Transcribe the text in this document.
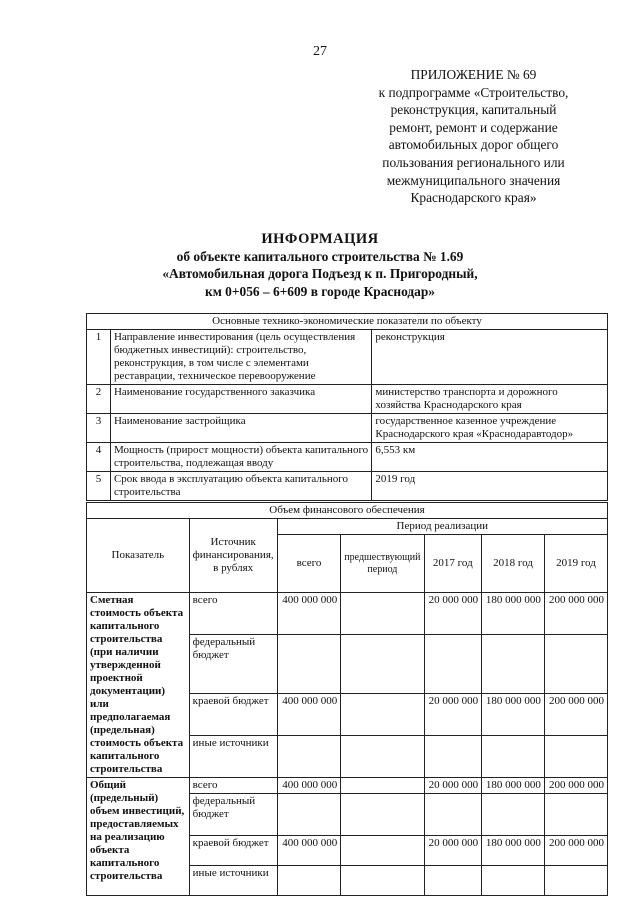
27
ПРИЛОЖЕНИЕ № 69
к подпрограмме «Строительство,
реконструкция, капитальный
ремонт, ремонт и содержание
автомобильных дорог общего
пользования регионального или
межмуниципального значения
Краснодарского края»
ИНФОРМАЦИЯ
об объекте капитального строительства № 1.69
«Автомобильная дорога Подъезд к п. Пригородный,
км 0+056 – 6+609 в городе Краснодар»
Основные технико-экономические показатели по объекту		
1	Направление инвестирования (цель осуществления бюджетных инвестиций): строительство, реконструкция, в том числе с элементами реставрации, техническое перевооружение	реконструкция
2	Наименование государственного заказчика	министерство транспорта и дорожного хозяйства Краснодарского края
3	Наименование застройщика	государственное казенное учреждение Краснодарского края «Краснодаравтодор»
4	Мощность (прирост мощности) объекта капитального строительства, подлежащая вводу	6,553 км
5	Срок ввода в эксплуатацию объекта капитального строительства	2019 год
Объем финансового обеспечения						
Показатель	Источник финансирования, в рублях	Период реализации				
		всего	предшествующий период	2017 год	2018 год	2019 год
Сметная стоимость объекта капитального строительства (при наличии утвержденной проектной документации) или предполагаемая (предельная) стоимость объекта капитального строительства	всего	400 000 000		20 000 000	180 000 000	200 000 000
	федеральный бюджет					
	краевой бюджет	400 000 000		20 000 000	180 000 000	200 000 000
	иные источники					
Общий (предельный) объем инвестиций, предоставляемых на реализацию объекта капитального строительства	всего	400 000 000		20 000 000	180 000 000	200 000 000
	федеральный бюджет					
	краевой бюджет	400 000 000		20 000 000	180 000 000	200 000 000
	иные источники					
